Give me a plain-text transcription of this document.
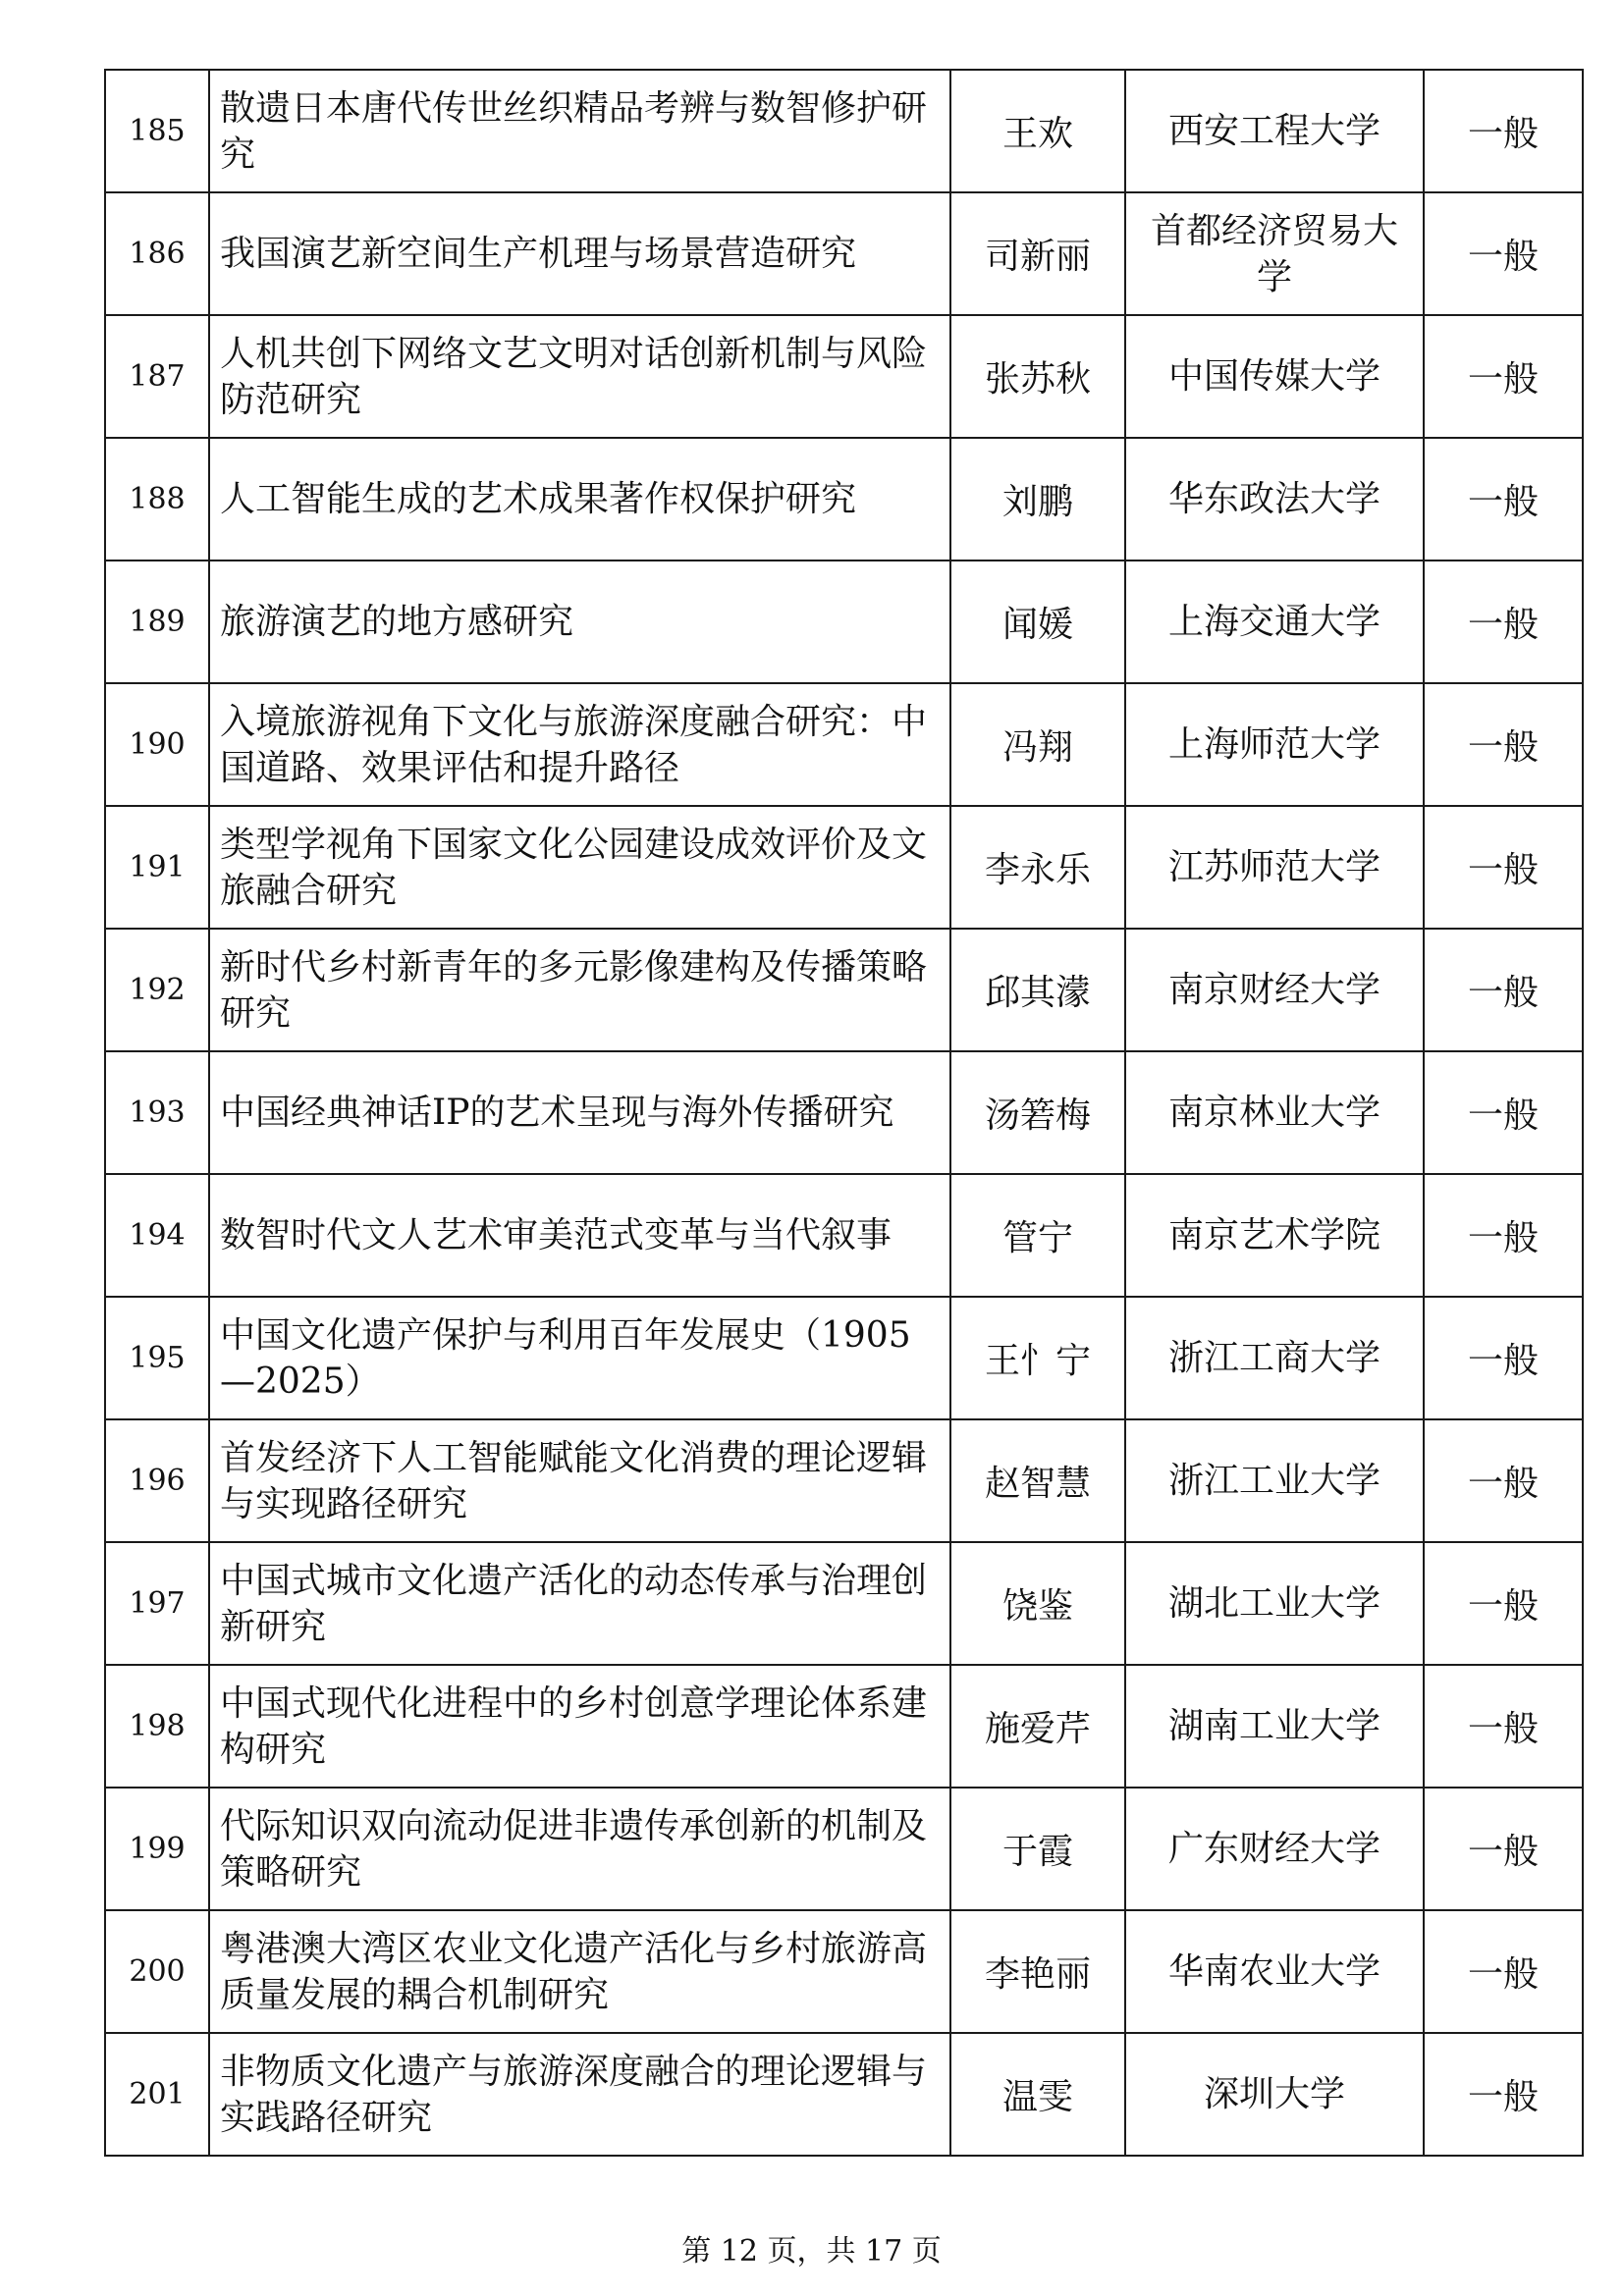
185	散遗日本唐代传世丝织精品考辨与数智修护研究	王欢	西安工程大学	一般
186	我国演艺新空间生产机理与场景营造研究	司新丽	首都经济贸易大学	一般
187	人机共创下网络文艺文明对话创新机制与风险防范研究	张苏秋	中国传媒大学	一般
188	人工智能生成的艺术成果著作权保护研究	刘鹏	华东政法大学	一般
189	旅游演艺的地方感研究	闻媛	上海交通大学	一般
190	入境旅游视角下文化与旅游深度融合研究：中国道路、效果评估和提升路径	冯翔	上海师范大学	一般
191	类型学视角下国家文化公园建设成效评价及文旅融合研究	李永乐	江苏师范大学	一般
192	新时代乡村新青年的多元影像建构及传播策略研究	邱其濛	南京财经大学	一般
193	中国经典神话IP的艺术呈现与海外传播研究	汤箬梅	南京林业大学	一般
194	数智时代文人艺术审美范式变革与当代叙事	管宁	南京艺术学院	一般
195	中国文化遗产保护与利用百年发展史（1905—2025）	王忄宁	浙江工商大学	一般
196	首发经济下人工智能赋能文化消费的理论逻辑与实现路径研究	赵智慧	浙江工业大学	一般
197	中国式城市文化遗产活化的动态传承与治理创新研究	饶鉴	湖北工业大学	一般
198	中国式现代化进程中的乡村创意学理论体系建构研究	施爱芹	湖南工业大学	一般
199	代际知识双向流动促进非遗传承创新的机制及策略研究	于霞	广东财经大学	一般
200	粤港澳大湾区农业文化遗产活化与乡村旅游高质量发展的耦合机制研究	李艳丽	华南农业大学	一般
201	非物质文化遗产与旅游深度融合的理论逻辑与实践路径研究	温雯	深圳大学	一般
第 12 页，共 17 页
